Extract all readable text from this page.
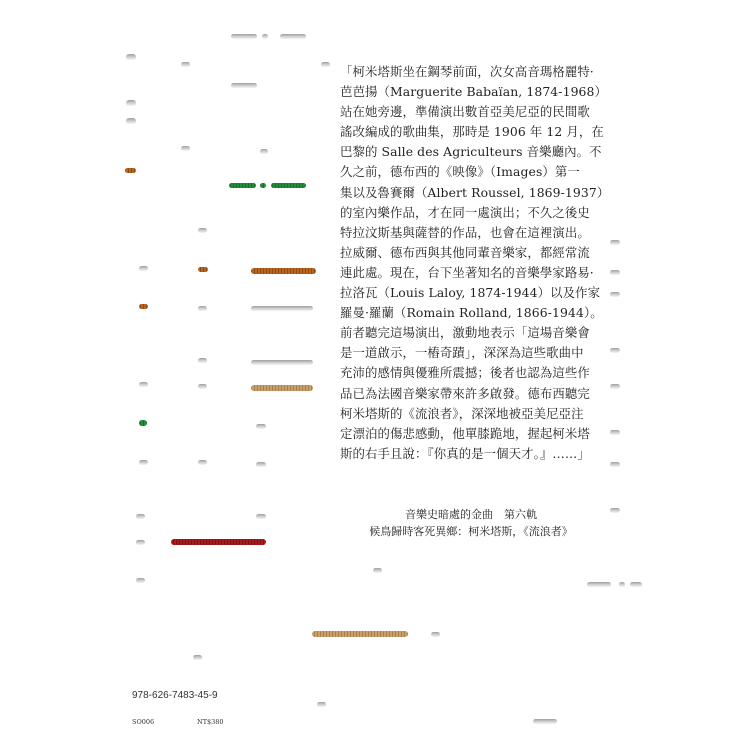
「柯米塔斯坐在鋼琴前面，次女高音瑪格麗特·
芭芭揚（Marguerite Babaïan, 1874-1968）
站在她旁邊，準備演出數首亞美尼亞的民間歌
謠改編成的歌曲集，那時是 1906 年 12 月，在
巴黎的 Salle des Agriculteurs 音樂廳內。不
久之前，德布西的《映像》（Images）第一
集以及魯賽爾（Albert Roussel, 1869-1937）
的室內樂作品，才在同一處演出；不久之後史
特拉汶斯基與薩替的作品，也會在這裡演出。
拉威爾、德布西與其他同輩音樂家，都經常流
連此處。現在，台下坐著知名的音樂學家路易·
拉洛瓦（Louis Laloy, 1874-1944）以及作家
羅曼·羅蘭（Romain Rolland, 1866-1944）。
前者聽完這場演出，激動地表示「這場音樂會
是一道啟示，一樁奇蹟」，深深為這些歌曲中
充沛的感情與優雅所震撼；後者也認為這些作
品已為法國音樂家帶來許多啟發。德布西聽完
柯米塔斯的《流浪者》，深深地被亞美尼亞注
定漂泊的傷悲感動，他單膝跪地，握起柯米塔
斯的右手且說：『你真的是一個天才。』……」
音樂史暗處的金曲　第六軌
候鳥歸時客死異鄉：柯米塔斯，《流浪者》
978-626-7483-45-9
SO006	NT$380
